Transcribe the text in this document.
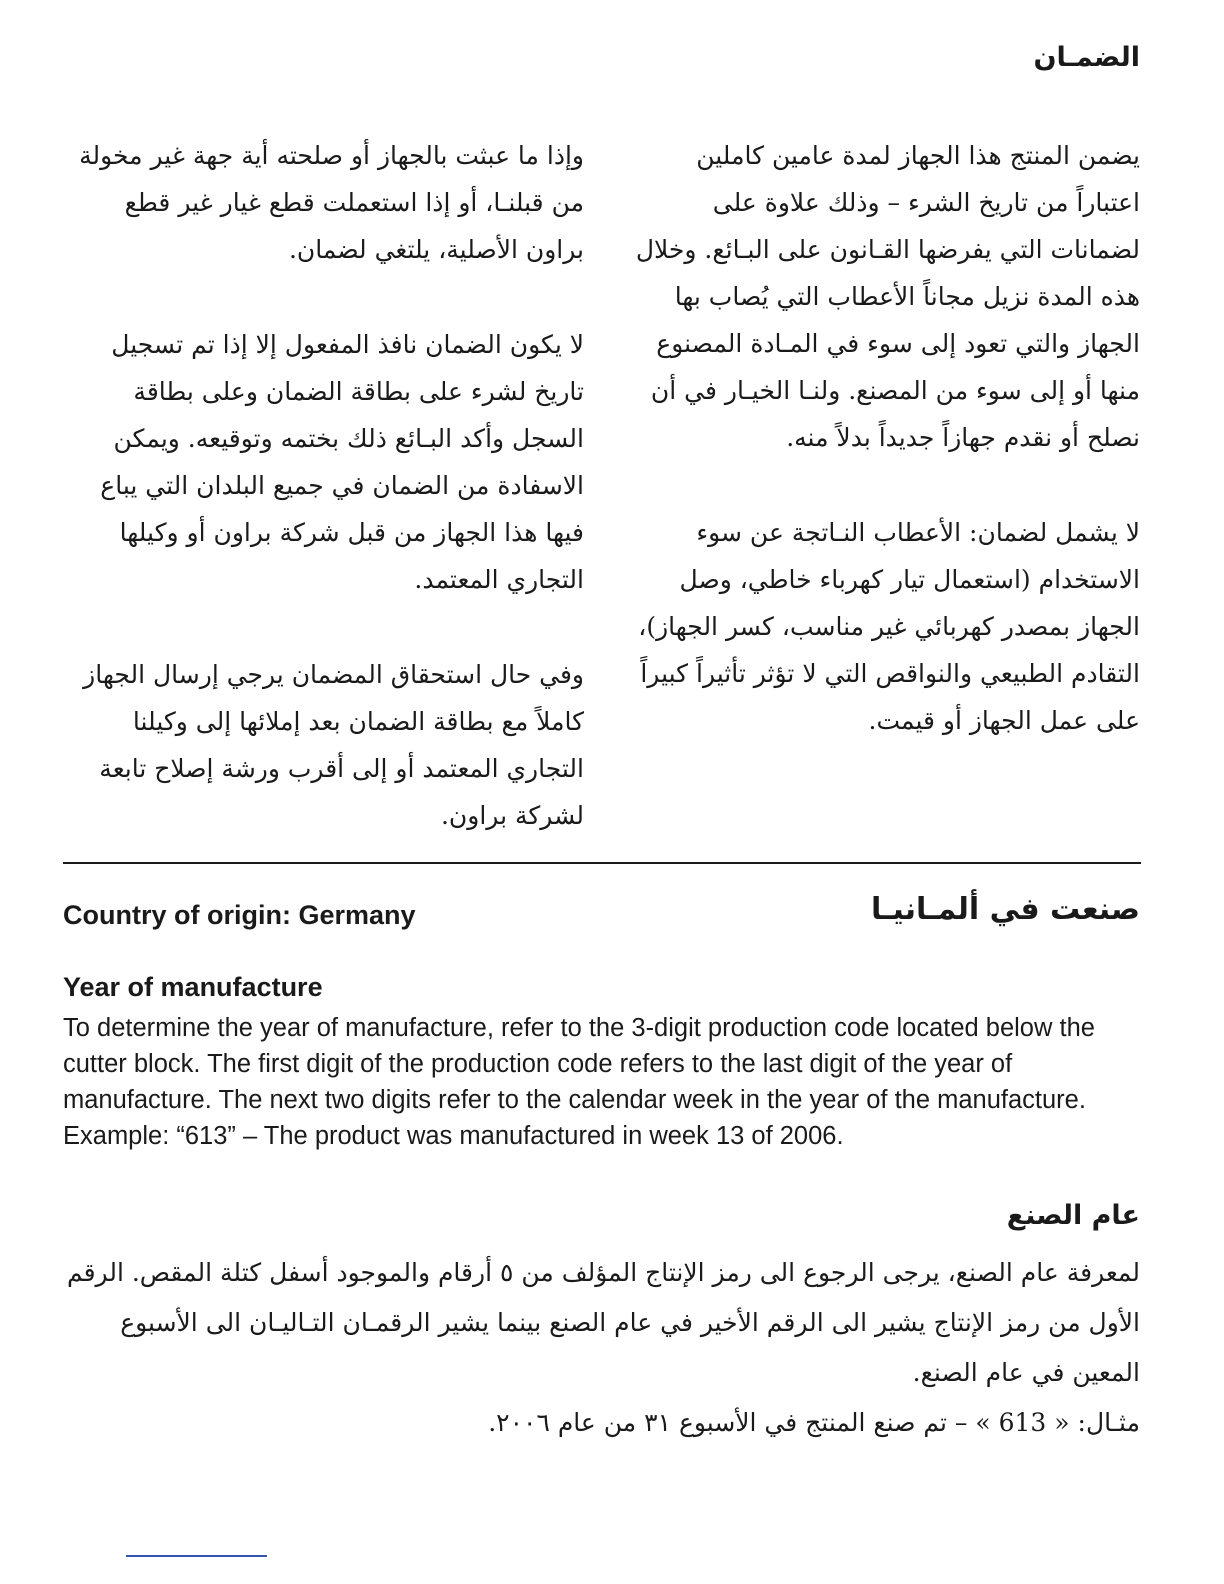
الضمـان

يضمن المنتج هذا الجهاز لمدة عامين كاملين اعتباراً من تاريخ الشرء – وذلك علاوة على لضمانات التي يفرضها القـانون على البـائع. وخلال هذه المدة نزيل مجاناً الأعطاب التي يُصاب بها الجهاز والتي تعود إلى سوء في المـادة المصنوع منها أو إلى سوء من المصنع. ولنـا الخيـار في أن نصلح أو نقدم جهازاً جديداً بدلاً منه.

لا يشمل لضمان: الأعطاب النـاتجة عن سوء الاستخدام (استعمال تيار كهرباء خاطي، وصل الجهاز بمصدر كهربائي غير مناسب، كسر الجهاز)، التقادم الطبيعي والنواقص التي لا تؤثر تأثيراً كبيراً على عمل الجهاز أو قيمت.

وإذا ما عبثت بالجهاز أو صلحته أية جهة غير مخولة من قبلنـا، أو إذا استعملت قطع غيار غير قطع براون الأصلية، يلتغي لضمان.

لا يكون الضمان نافذ المفعول إلا إذا تم تسجيل تاريخ لشرء على بطاقة الضمان وعلى بطاقة السجل وأكد البـائع ذلك بختمه وتوقيعه. ويمكن الاسفادة من الضمان في جميع البلدان التي يباع فيها هذا الجهاز من قبل شركة براون أو وكيلها التجاري المعتمد.

وفي حال استحقاق المضمان يرجي إرسال الجهاز كاملاً مع بطاقة الضمان بعد إملائها إلى وكيلنا التجاري المعتمد أو إلى أقرب ورشة إصلاح تابعة لشركة براون.

Country of origin: Germany	صنعت في ألمـانيـا
Year of manufacture

To determine the year of manufacture, refer to the 3-digit production code located below the cutter block. The first digit of the production code refers to the last digit of the year of manufacture. The next two digits refer to the calendar week in the year of the manufacture.

Example: “613” – The product was manufactured in week 13 of 2006.

عام الصنع

لمعرفة عام الصنع، يرجى الرجوع الى رمز الإنتاج المؤلف من ٥ أرقام والموجود أسفل كتلة المقص. الرقم الأول من رمز الإنتاج يشير الى الرقم الأخير في عام الصنع بينما يشير الرقمـان التـاليـان الى الأسبوع المعين في عام الصنع.

مثـال: « 613 » – تم صنع المنتج في الأسبوع ٣١ من عام ٢٠٠٦.
